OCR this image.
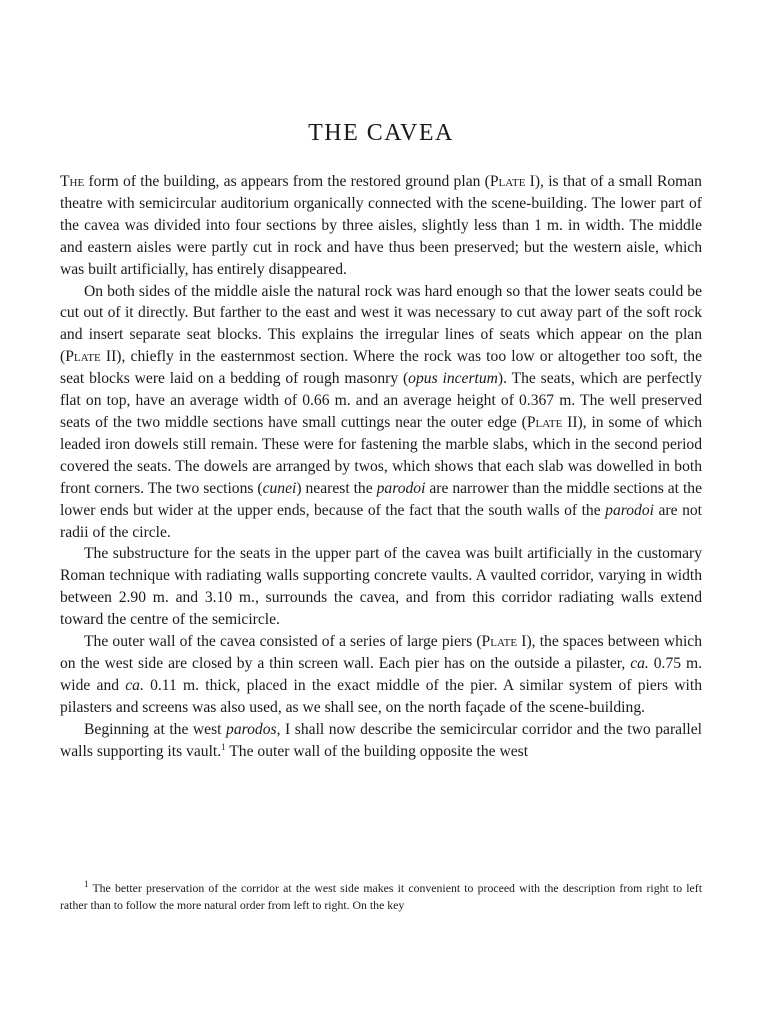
THE CAVEA

The form of the building, as appears from the restored ground plan (Plate I), is that of a small Roman theatre with semicircular auditorium organically connected with the scene-building. The lower part of the cavea was divided into four sections by three aisles, slightly less than 1 m. in width. The middle and eastern aisles were partly cut in rock and have thus been preserved; but the western aisle, which was built artificially, has entirely disappeared.

On both sides of the middle aisle the natural rock was hard enough so that the lower seats could be cut out of it directly. But farther to the east and west it was necessary to cut away part of the soft rock and insert separate seat blocks. This explains the irregular lines of seats which appear on the plan (Plate II), chiefly in the easternmost section. Where the rock was too low or altogether too soft, the seat blocks were laid on a bedding of rough masonry (opus incertum). The seats, which are perfectly flat on top, have an average width of 0.66 m. and an average height of 0.367 m. The well preserved seats of the two middle sections have small cuttings near the outer edge (Plate II), in some of which leaded iron dowels still remain. These were for fastening the marble slabs, which in the second period covered the seats. The dowels are arranged by twos, which shows that each slab was dowelled in both front corners. The two sections (cunei) nearest the parodoi are narrower than the middle sections at the lower ends but wider at the upper ends, because of the fact that the south walls of the parodoi are not radii of the circle.

The substructure for the seats in the upper part of the cavea was built artificially in the customary Roman technique with radiating walls supporting concrete vaults. A vaulted corridor, varying in width between 2.90 m. and 3.10 m., surrounds the cavea, and from this corridor radiating walls extend toward the centre of the semicircle.

The outer wall of the cavea consisted of a series of large piers (Plate I), the spaces between which on the west side are closed by a thin screen wall. Each pier has on the outside a pilaster, ca. 0.75 m. wide and ca. 0.11 m. thick, placed in the exact middle of the pier. A similar system of piers with pilasters and screens was also used, as we shall see, on the north façade of the scene-building.

Beginning at the west parodos, I shall now describe the semicircular corridor and the two parallel walls supporting its vault.$^1$ The outer wall of the building opposite the west

$^1$ The better preservation of the corridor at the west side makes it convenient to proceed with the description from right to left rather than to follow the more natural order from left to right. On the key
